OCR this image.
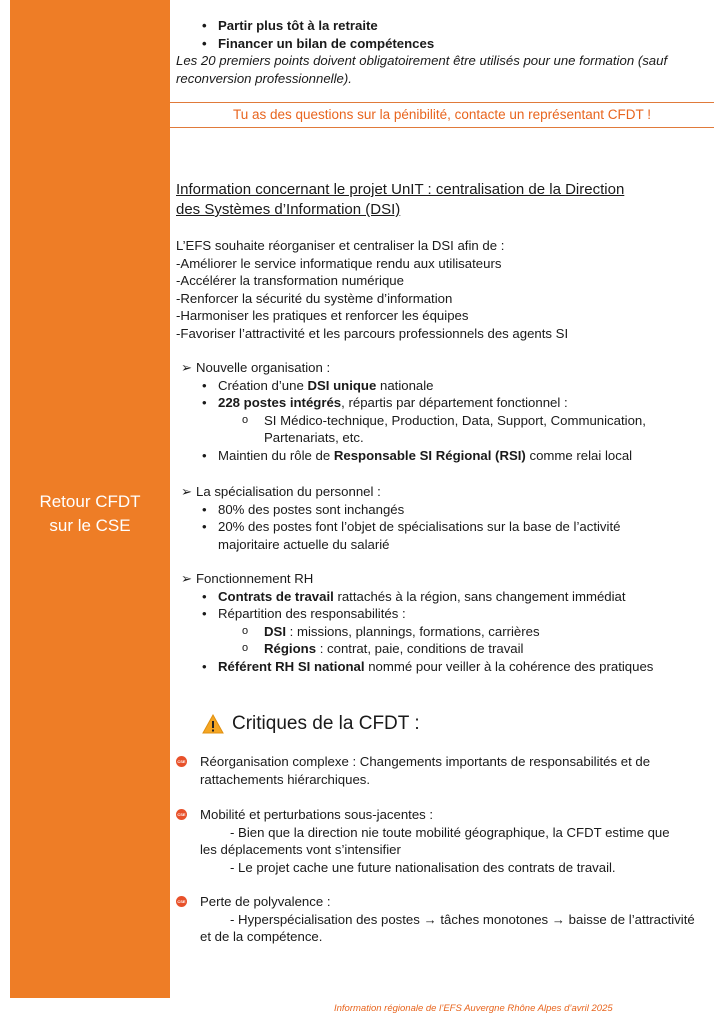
Retour CFDT
sur le CSE
• Partir plus tôt à la retraite
• Financer un bilan de compétences
Les 20 premiers points doivent obligatoirement être utilisés pour une formation (sauf
reconversion professionnelle).
Information concernant le projet UnIT : centralisation de la Direction
des Systèmes d’Information (DSI)
L’EFS souhaite réorganiser et centraliser la DSI afin de :
-Améliorer le service informatique rendu aux utilisateurs
-Accélérer la transformation numérique
-Renforcer la sécurité du système d’information
-Harmoniser les pratiques et renforcer les équipes
-Favoriser l’attractivité et les parcours professionnels des agents SI
➢ Nouvelle organisation :
• Création d’une DSI unique nationale
• 228 postes intégrés, répartis par département fonctionnel :
o SI Médico-technique, Production, Data, Support, Communication,
Partenariats, etc.
• Maintien du rôle de Responsable SI Régional (RSI) comme relai local
➢ La spécialisation du personnel :
• 80% des postes sont inchangés
• 20% des postes font l’objet de spécialisations sur la base de l’activité
majoritaire actuelle du salarié
➢ Fonctionnement RH
• Contrats de travail rattachés à la région, sans changement immédiat
• Répartition des responsabilités :
o DSI : missions, plannings, formations, carrières
o Régions : contrat, paie, conditions de travail
• Référent RH SI national nommé pour veiller à la cohérence des pratiques
Critiques de la CFDT :
CSE Réorganisation complexe : Changements importants de responsabilités et de
rattachements hiérarchiques.
CSE Mobilité et perturbations sous-jacentes :
- Bien que la direction nie toute mobilité géographique, la CFDT estime que
les déplacements vont s’intensifier
- Le projet cache une future nationalisation des contrats de travail.
CSE Perte de polyvalence :
- Hyperspécialisation des postes → tâches monotones → baisse de l’attractivité
et de la compétence.
Tu as des questions sur la pénibilité, contacte un représentant CFDT !
Information régionale de l’EFS Auvergne Rhône Alpes d’avril 2025
